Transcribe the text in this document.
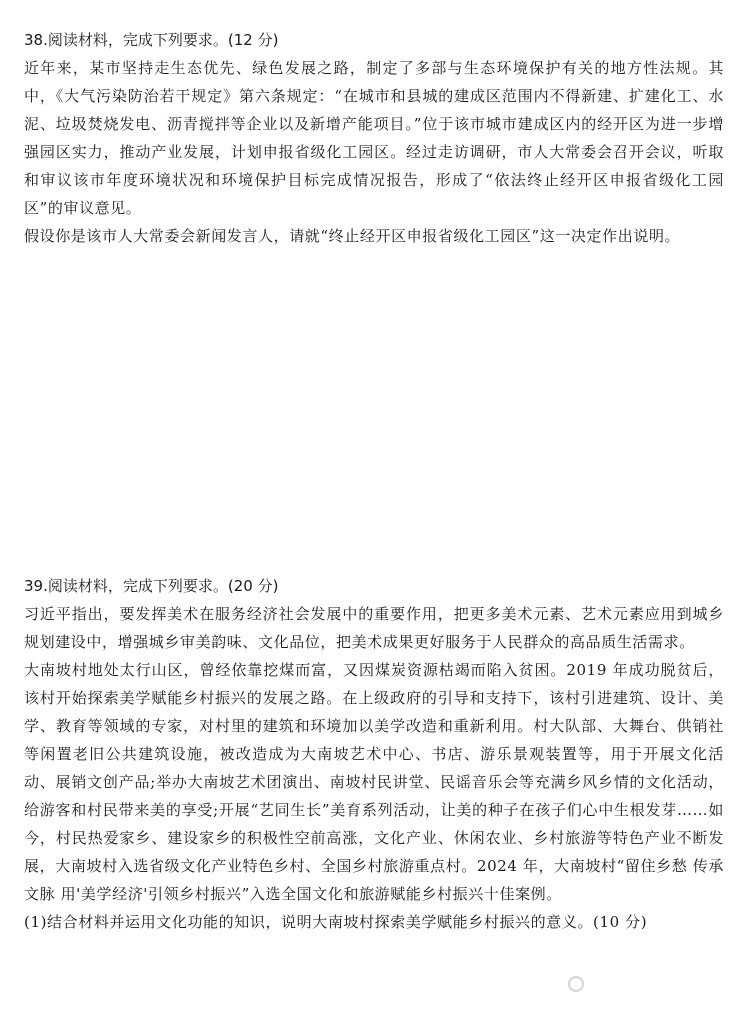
38.阅读材料，完成下列要求。(12 分)

近年来，某市坚持走生态优先、绿色发展之路，制定了多部与生态环境保护有关的地方性法规。其中，《大气污染防治若干规定》第六条规定：“在城市和县城的建成区范围内不得新建、扩建化工、水泥、垃圾焚烧发电、沥青搅拌等企业以及新增产能项目。”位于该市城市建成区内的经开区为进一步增强园区实力，推动产业发展，计划申报省级化工园区。经过走访调研，市人大常委会召开会议，听取和审议该市年度环境状况和环境保护目标完成情况报告，形成了“依法终止经开区申报省级化工园区”的审议意见。

假设你是该市人大常委会新闻发言人，请就“终止经开区申报省级化工园区”这一决定作出说明。

39.阅读材料，完成下列要求。(20 分)

习近平指出，要发挥美术在服务经济社会发展中的重要作用，把更多美术元素、艺术元素应用到城乡规划建设中，增强城乡审美韵味、文化品位，把美术成果更好服务于人民群众的高品质生活需求。

大南坡村地处太行山区，曾经依靠挖煤而富，又因煤炭资源枯竭而陷入贫困。2019 年成功脱贫后，该村开始探索美学赋能乡村振兴的发展之路。在上级政府的引导和支持下，该村引进建筑、设计、美学、教育等领域的专家，对村里的建筑和环境加以美学改造和重新利用。村大队部、大舞台、供销社等闲置老旧公共建筑设施，被改造成为大南坡艺术中心、书店、游乐景观装置等，用于开展文化活动、展销文创产品;举办大南坡艺术团演出、南坡村民讲堂、民谣音乐会等充满乡风乡情的文化活动，给游客和村民带来美的享受;开展“艺同生长”美育系列活动，让美的种子在孩子们心中生根发芽……如今，村民热爱家乡、建设家乡的积极性空前高涨，文化产业、休闲农业、乡村旅游等特色产业不断发展，大南坡村入选省级文化产业特色乡村、全国乡村旅游重点村。2024 年，大南坡村“留住乡愁 传承文脉 用'美学经济'引领乡村振兴”入选全国文化和旅游赋能乡村振兴十佳案例。

(1)结合材料并运用文化功能的知识，说明大南坡村探索美学赋能乡村振兴的意义。(10 分)
